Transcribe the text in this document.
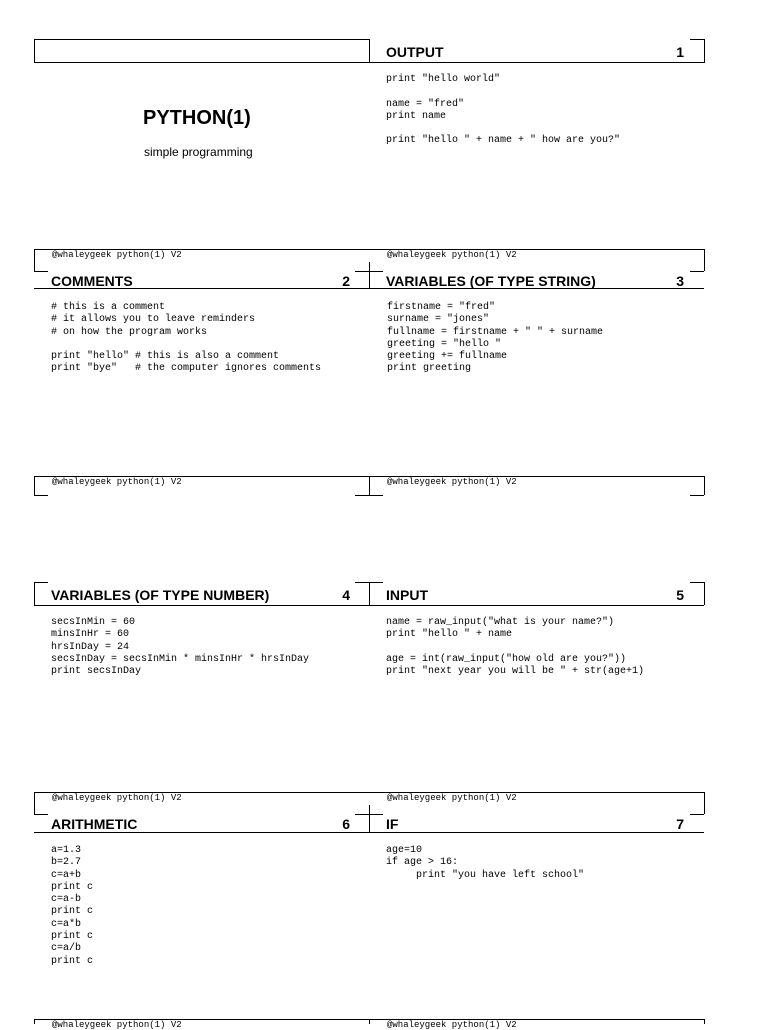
OUTPUT	1
PYTHON(1)
simple programming
print "hello world"

name = "fred"
print name

print "hello " + name + " how are you?"
@whaleygeek python(1) V2	@whaleygeek python(1) V2
COMMENTS	2	VARIABLES (OF TYPE STRING)	3
# this is a comment
# it allows you to leave reminders
# on how the program works

print "hello" # this is also a comment
print "bye"   # the computer ignores comments
firstname = "fred"
surname = "jones"
fullname = firstname + " " + surname
greeting = "hello "
greeting += fullname
print greeting
@whaleygeek python(1) V2	@whaleygeek python(1) V2
VARIABLES (OF TYPE NUMBER)	4	INPUT	5
secsInMin = 60
minsInHr = 60
hrsInDay = 24
secsInDay = secsInMin * minsInHr * hrsInDay
print secsInDay
name = raw_input("what is your name?")
print "hello " + name

age = int(raw_input("how old are you?"))
print "next year you will be " + str(age+1)
@whaleygeek python(1) V2	@whaleygeek python(1) V2
ARITHMETIC	6	IF	7
a=1.3
b=2.7
c=a+b
print c
c=a-b
print c
c=a*b
print c
c=a/b
print c
age=10
if age > 16:
print "you have left school"
@whaleygeek python(1) V2	@whaleygeek python(1) V2
